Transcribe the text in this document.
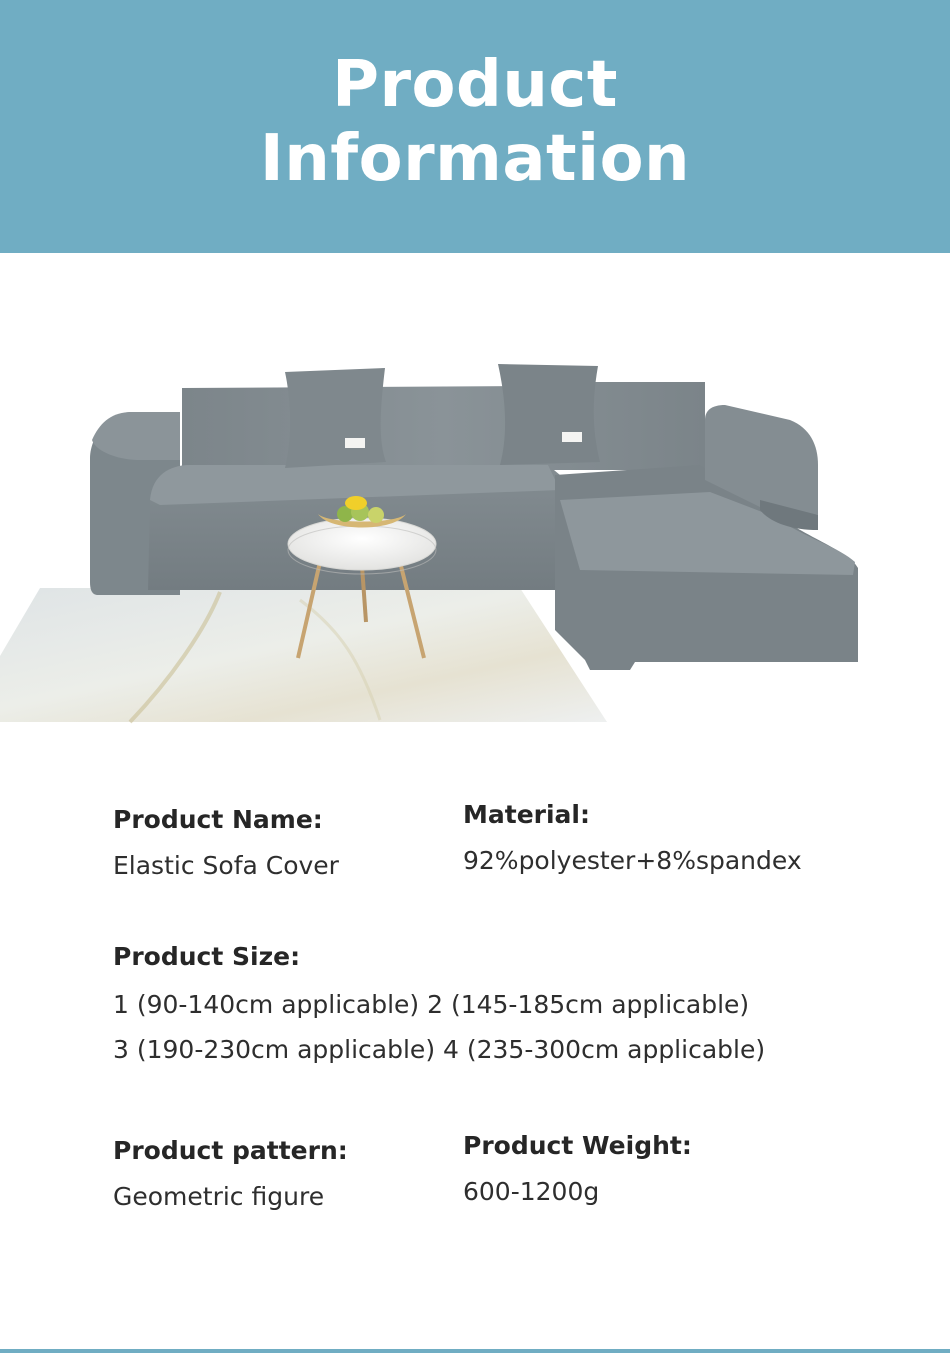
Product
Information
Product Name:
Elastic Sofa Cover
Material:
92%polyester+8%spandex
Product Size:
1 (90-140cm applicable) 2 (145-185cm applicable)
3 (190-230cm applicable) 4 (235-300cm applicable)
Product pattern:
Geometric figure
Product Weight:
600-1200g
